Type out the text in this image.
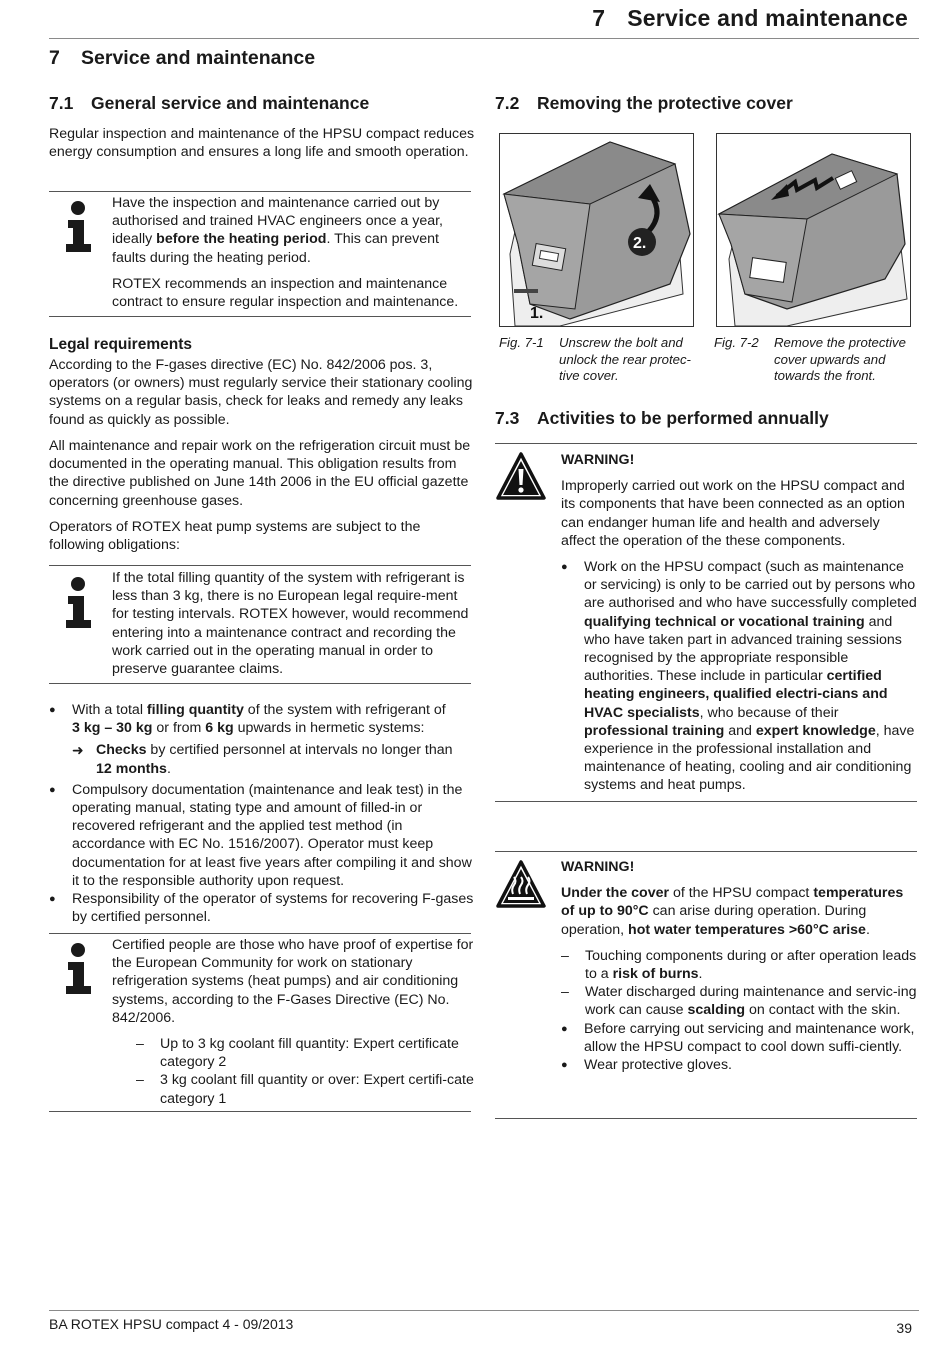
7 Service and maintenance
7 Service and maintenance
7.1 General service and maintenance

Regular inspection and maintenance of the HPSU compact reduces energy consumption and ensures a long life and smooth operation.

Have the inspection and maintenance carried out by

authorised and trained HVAC engineers once a year,

ideally before the heating period. This can prevent

faults during the heating period.

ROTEX recommends an inspection and maintenance contract to ensure regular inspection and maintenance.

Legal requirements

According to the F-gases directive (EC) No. 842/2006 pos. 3, operators (or owners) must regularly service their stationary cooling systems on a regular basis, check for leaks and remedy any leaks found as quickly as possible.

All maintenance and repair work on the refrigeration circuit must be documented in the operating manual. This obligation results from the directive published on June 14th 2006 in the EU official gazette concerning greenhouse gases.

Operators of ROTEX heat pump systems are subject to the following obligations:

If the total filling quantity of the system with refrigerant is less than 3 kg, there is no European legal require-ment for testing intervals. ROTEX however, would recommend entering into a maintenance contract and recording the work carried out in the operating manual in order to preserve guarantee claims.

● With a total filling quantity of the system with refrigerant of
3 kg – 30 kg or from 6 kg upwards in hermetic systems:

➜ Checks by certified personnel at intervals no longer than
12 months.

● Compulsory documentation (maintenance and leak test) in the operating manual, stating type and amount of filled-in or recovered refrigerant and the applied test method (in accordance with EC No. 1516/2007). Operator must keep documentation for at least five years after compiling it and show it to the responsible authority upon request.

● Responsibility of the operator of systems for recovering F-gases by certified personnel.

Certified people are those who have proof of expertise for the European Community for work on stationary refrigeration systems (heat pumps) and air conditioning systems, according to the F-Gases Directive (EC) No. 842/2006.

– Up to 3 kg coolant fill quantity: Expert certificate category 2

– 3 kg coolant fill quantity or over: Expert certifi-cate category 1

7.2 Removing the protective cover
2.
1.
Fig. 7-1 Unscrew the bolt and unlock the rear protec-tive cover.
Fig. 7-2 Remove the protective cover upwards and towards the front.
7.3 Activities to be performed annually

WARNING!

Improperly carried out work on the HPSU compact and its components that have been connected as an option can endanger human life and health and adversely affect the operation of the these components.

● Work on the HPSU compact (such as maintenance or servicing) is only to be carried out by persons who are authorised and who have successfully completed qualifying technical or vocational training and who have taken part in advanced training sessions recognised by the appropriate responsible authorities. These include in particular certified heating engineers, qualified electri-cians and HVAC specialists, who because of their professional training and expert knowledge, have experience in the professional installation and maintenance of heating, cooling and air conditioning systems and heat pumps.

WARNING!

Under the cover of the HPSU compact temperatures of up to 90°C can arise during operation. During operation, hot water temperatures >60°C arise.

– Touching components during or after operation leads to a risk of burns.

– Water discharged during maintenance and servic-ing work can cause scalding on contact with the skin.

● Before carrying out servicing and maintenance work, allow the HPSU compact to cool down suffi-ciently.

● Wear protective gloves.

BA ROTEX HPSU compact 4 - 09/2013	39
